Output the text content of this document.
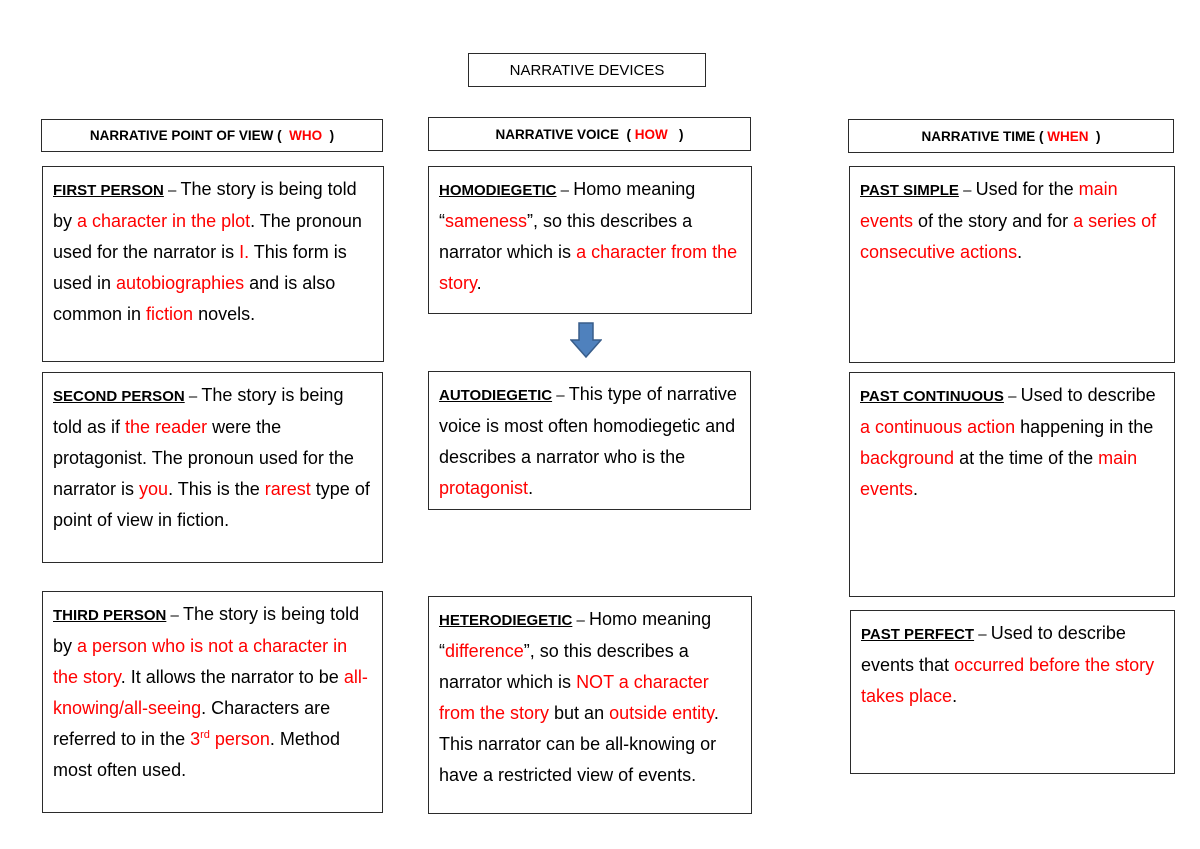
NARRATIVE DEVICES
NARRATIVE POINT OF VIEW (
WHO
)	NARRATIVE VOICE  (
HOW
)	NARRATIVE TIME (
WHEN
)
FIRST PERSON – The story is being told by a character in the plot. The pronoun used for the narrator is I. This form is used in autobiographies and is also common in fiction novels.
SECOND PERSON – The story is being told as if the reader were the protagonist. The pronoun used for the narrator is you. This is the rarest type of point of view in fiction.
THIRD PERSON – The story is being told by a person who is not a character in the story. It allows the narrator to be all-knowing/all-seeing. Characters are referred to in the 3rd person. Method most often used.
HOMODIEGETIC – Homo meaning “sameness”, so this describes a narrator which is a character from the story.
AUTODIEGETIC – This type of narrative voice is most often homodiegetic and describes a narrator who is the protagonist.
HETERODIEGETIC – Homo meaning “difference”, so this describes a narrator which is NOT a character from the story but an outside entity. This narrator can be all-knowing or have a restricted view of events.
PAST SIMPLE – Used for the main events of the story and for a series of consecutive actions.
PAST CONTINUOUS – Used to describe a continuous action happening in the background at the time of the main events.
PAST PERFECT – Used to describe events that occurred before the story takes place.
